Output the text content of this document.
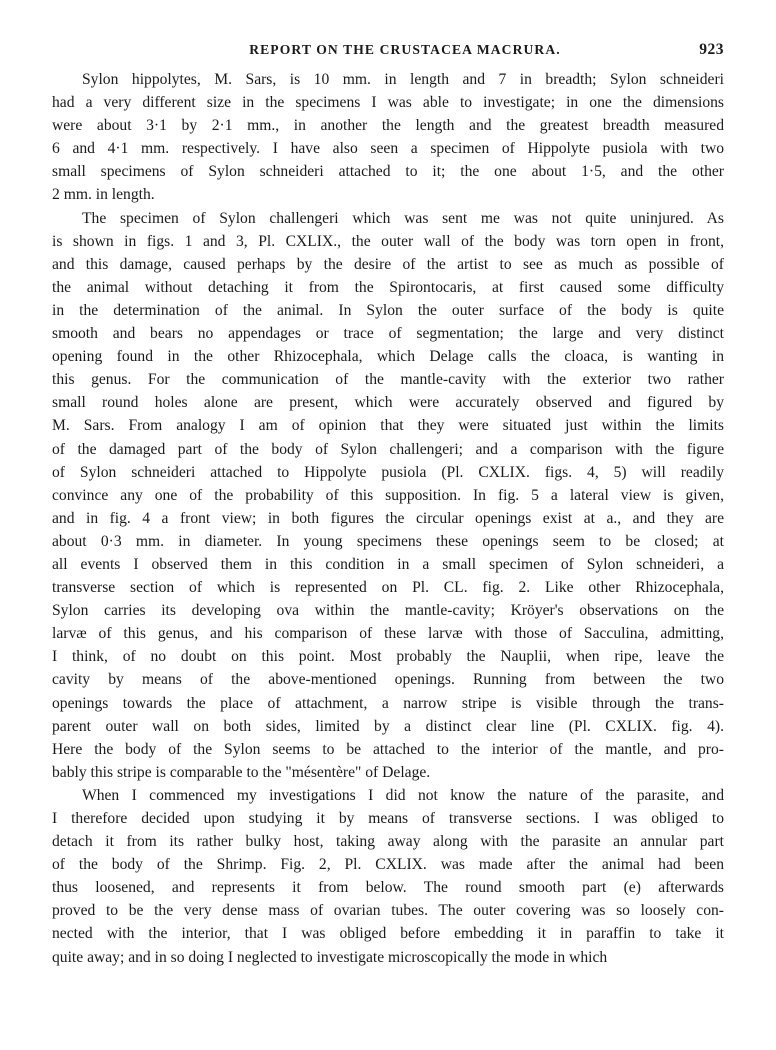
REPORT ON THE CRUSTACEA MACRURA.	923

Sylon hippolytes, M. Sars, is 10 mm. in length and 7 in breadth; Sylon schneideri
had a very different size in the specimens I was able to investigate; in one the dimensions
were about 3·1 by 2·1 mm., in another the length and the greatest breadth measured
6 and 4·1 mm. respectively. I have also seen a specimen of Hippolyte pusiola with two
small specimens of Sylon schneideri attached to it; the one about 1·5, and the other
2 mm. in length.

The specimen of Sylon challengeri which was sent me was not quite uninjured. As
is shown in figs. 1 and 3, Pl. CXLIX., the outer wall of the body was torn open in front,
and this damage, caused perhaps by the desire of the artist to see as much as possible of
the animal without detaching it from the Spirontocaris, at first caused some difficulty
in the determination of the animal. In Sylon the outer surface of the body is quite
smooth and bears no appendages or trace of segmentation; the large and very distinct
opening found in the other Rhizocephala, which Delage calls the cloaca, is wanting in
this genus. For the communication of the mantle-cavity with the exterior two rather
small round holes alone are present, which were accurately observed and figured by
M. Sars. From analogy I am of opinion that they were situated just within the limits
of the damaged part of the body of Sylon challengeri; and a comparison with the figure
of Sylon schneideri attached to Hippolyte pusiola (Pl. CXLIX. figs. 4, 5) will readily
convince any one of the probability of this supposition. In fig. 5 a lateral view is given,
and in fig. 4 a front view; in both figures the circular openings exist at a., and they are
about 0·3 mm. in diameter. In young specimens these openings seem to be closed; at
all events I observed them in this condition in a small specimen of Sylon schneideri, a
transverse section of which is represented on Pl. CL. fig. 2. Like other Rhizocephala,
Sylon carries its developing ova within the mantle-cavity; Kröyer's observations on the
larvæ of this genus, and his comparison of these larvæ with those of Sacculina, admitting,
I think, of no doubt on this point. Most probably the Nauplii, when ripe, leave the
cavity by means of the above-mentioned openings. Running from between the two
openings towards the place of attachment, a narrow stripe is visible through the trans-
parent outer wall on both sides, limited by a distinct clear line (Pl. CXLIX. fig. 4).
Here the body of the Sylon seems to be attached to the interior of the mantle, and pro-
bably this stripe is comparable to the "mésentère" of Delage.

When I commenced my investigations I did not know the nature of the parasite, and
I therefore decided upon studying it by means of transverse sections. I was obliged to
detach it from its rather bulky host, taking away along with the parasite an annular part
of the body of the Shrimp. Fig. 2, Pl. CXLIX. was made after the animal had been
thus loosened, and represents it from below. The round smooth part (e) afterwards
proved to be the very dense mass of ovarian tubes. The outer covering was so loosely con-
nected with the interior, that I was obliged before embedding it in paraffin to take it
quite away; and in so doing I neglected to investigate microscopically the mode in which
